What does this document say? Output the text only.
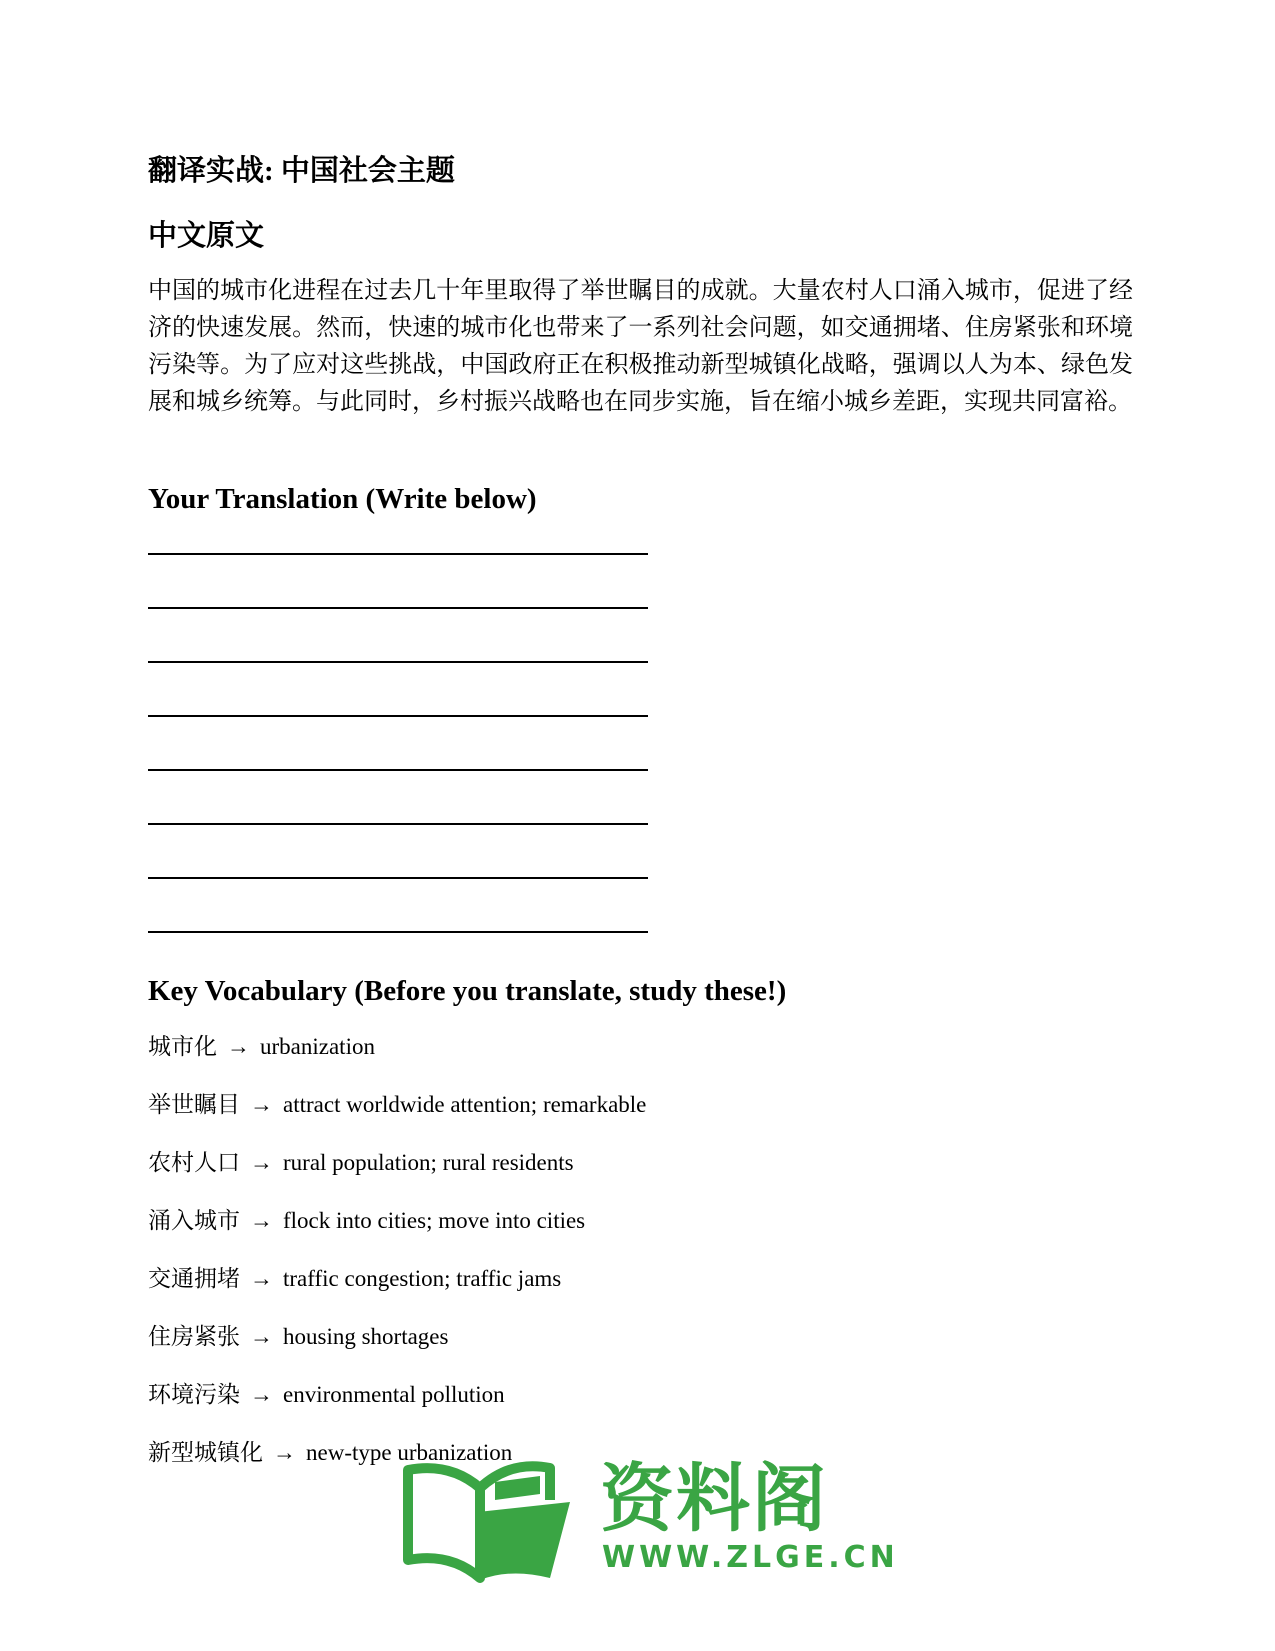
翻译实战: 中国社会主题
中文原文

中国的城市化进程在过去几十年里取得了举世瞩目的成就。大量农村人口涌入城市，促进了经济的快速发展。然而，快速的城市化也带来了一系列社会问题，如交通拥堵、住房紧张和环境污染等。为了应对这些挑战，中国政府正在积极推动新型城镇化战略，强调以人为本、绿色发展和城乡统筹。与此同时，乡村振兴战略也在同步实施，旨在缩小城乡差距，实现共同富裕。

Your Translation (Write below)
Key Vocabulary (Before you translate, study these!)
城市化 → urbanization
举世瞩目 → attract worldwide attention; remarkable
农村人口 → rural population; rural residents
涌入城市 → flock into cities; move into cities
交通拥堵 → traffic congestion; traffic jams
住房紧张 → housing shortages
环境污染 → environmental pollution
新型城镇化 → new-type urbanization
资料阁
WWW.ZLGE.CN
